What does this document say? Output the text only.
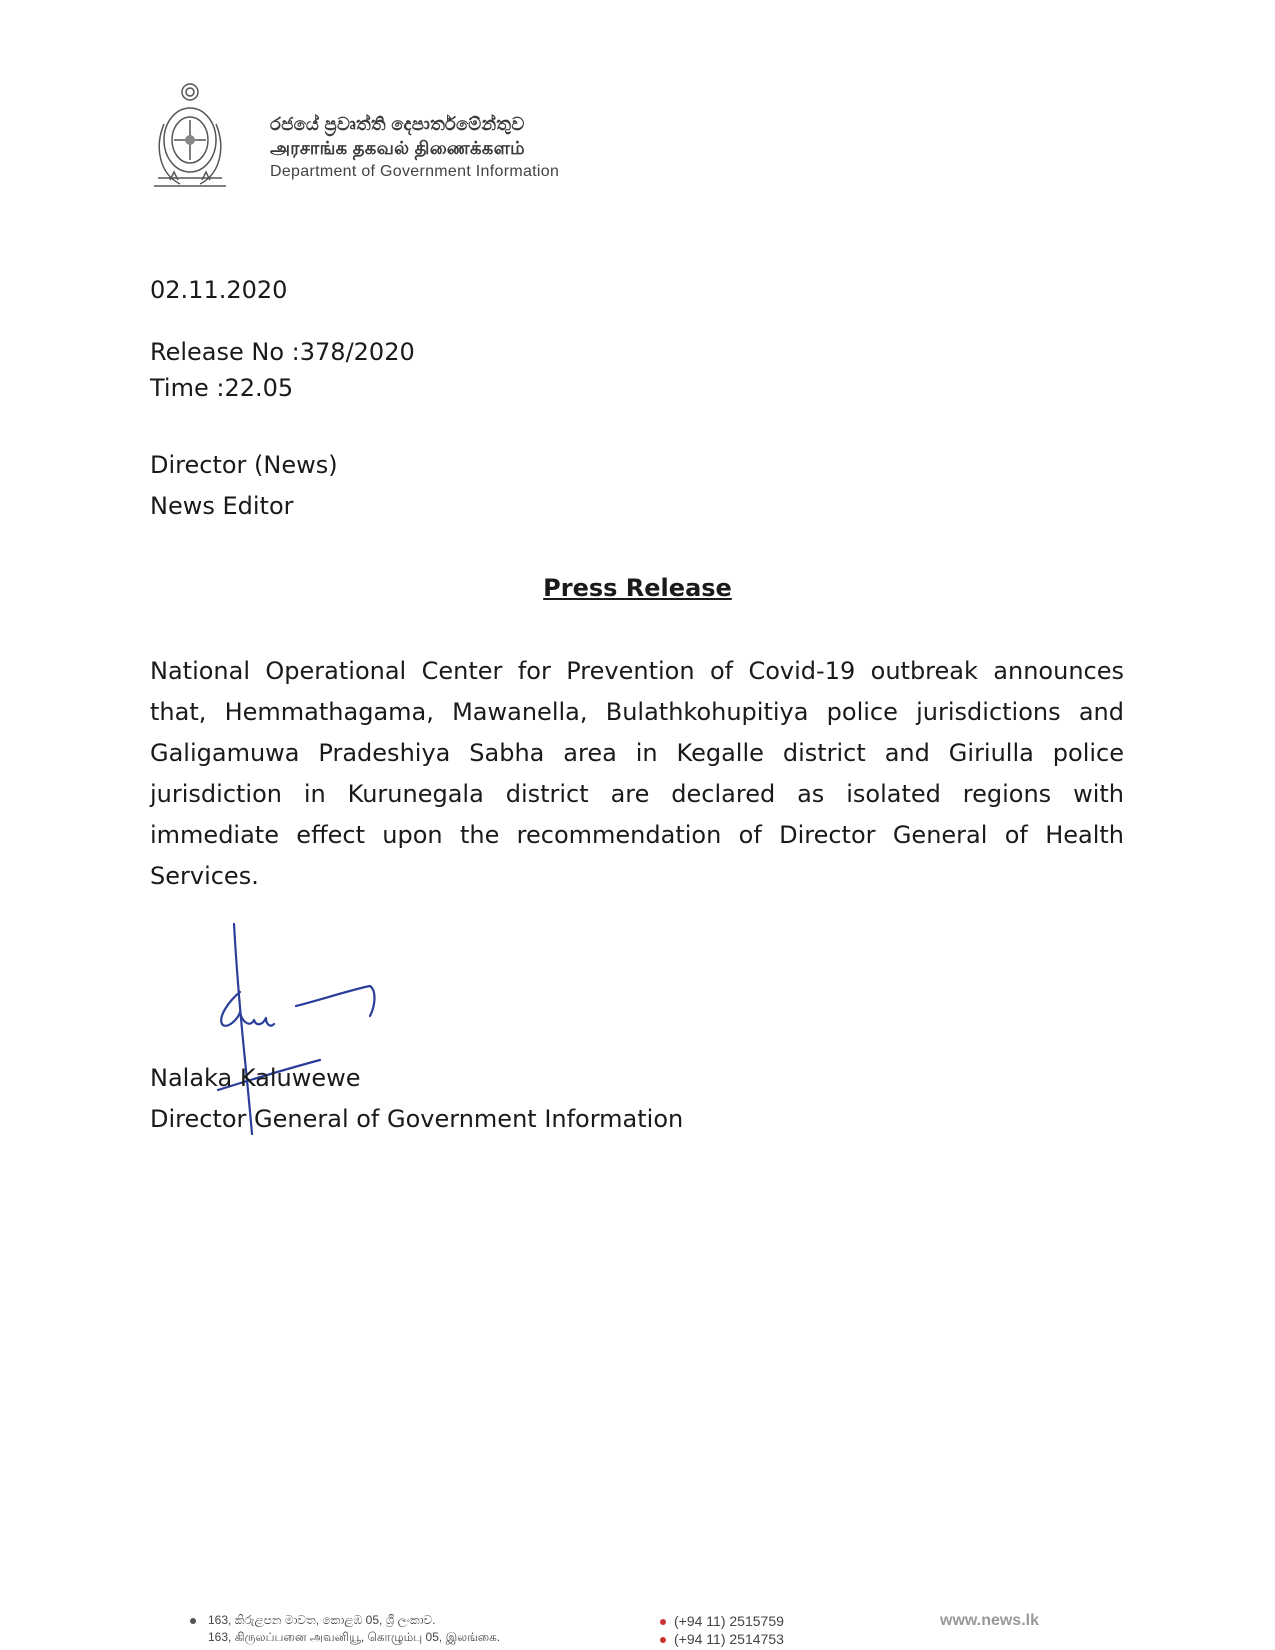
රජයේ ප්‍රවෘත්ති දෙපාර්තමේන්තුව
அரசாங்க தகவல் திணைக்களம்
Department of Government Information
02.11.2020
Release No :378/2020
Time :22.05
Director (News)
News Editor
Press Release
National Operational Center for Prevention of Covid-19 outbreak announces that, Hemmathagama, Mawanella, Bulathkohupitiya police jurisdictions and Galigamuwa Pradeshiya Sabha area in Kegalle district and Giriulla police jurisdiction in Kurunegala district are declared as isolated regions with immediate effect upon the recommendation of Director General of Health Services.
Nalaka Kaluwewe
Director General of Government Information
163, කිරුළපන මාවත, කොළඹ 05, ශ්‍රී ලංකාව.
163, கிருலப்பனை அவனியூ, கொழும்பு 05, இலங்கை.
(+94 11) 2515759
(+94 11) 2514753
www.news.lk
